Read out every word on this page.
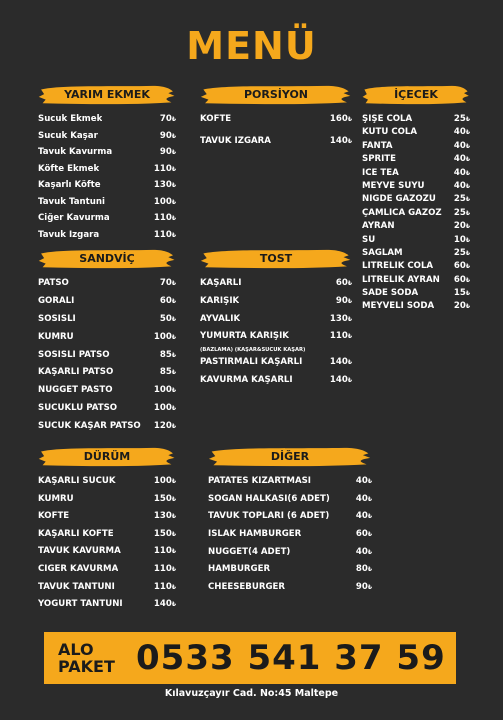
MENÜ
YARIM EKMEK
Sucuk Ekmek	70₺
Sucuk Kaşar	90₺
Tavuk Kavurma	90₺
Köfte Ekmek	110₺
Kaşarlı Köfte	130₺
Tavuk Tantuni	100₺
Ciğer Kavurma	110₺
Tavuk Izgara	110₺
PORSİYON
KÖFTE	160₺
TAVUK IZGARA	140₺
İÇECEK
ŞİŞE COLA	25₺
KUTU COLA	40₺
FANTA	40₺
SPRİTE	40₺
ICE TEA	40₺
MEYVE SUYU	40₺
NİĞDE GAZOZU	25₺
ÇAMLICA GAZOZ	25₺
AYRAN	20₺
SU	10₺
SAĞLAM	25₺
LİTRELİK COLA	60₺
LİTRELİK AYRAN	60₺
SADE SODA	15₺
MEYVELİ SODA	20₺
SANDVİÇ
PATSO	70₺
GORALI	60₺
SOSİSLİ	50₺
KUMRU	100₺
SOSİSLİ PATSO	85₺
KAŞARLI PATSO	85₺
NUGGET PASTO	100₺
SUCUKLU PATSO	100₺
SUCUK KAŞAR PATSO 120₺
TOST
KAŞARLI	60₺
KARIŞIK	90₺
AYVALIK	130₺
YUMURTA KARIŞIK	110₺
(BAZLAMA) (KAŞAR&SUCUK KAŞAR)
PASTIRMALI KAŞARLI	140₺
KAVURMA KAŞARLI	140₺
DÜRÜM
KAŞARLI SUCUK	100₺
KUMRU	150₺
KÖFTE	130₺
KAŞARLI KÖFTE	150₺
TAVUK KAVURMA	110₺
CİĞER KAVURMA	110₺
TAVUK TANTUNİ	110₺
YOĞURT TANTUNİ	140₺
DİĞER
PATATES KIZARTMASI	40₺
SOĞAN HALKASI(6 ADET)	40₺
TAVUK TOPLARI (6 ADET)	40₺
ISLAK HAMBURGER	60₺
NUGGET(4 ADET)	40₺
HAMBURGER	80₺
CHEESEBURGER	90₺
ALO
PAKET 0533 541 37 59
Kılavuzçayır Cad. No:45 Maltepe
